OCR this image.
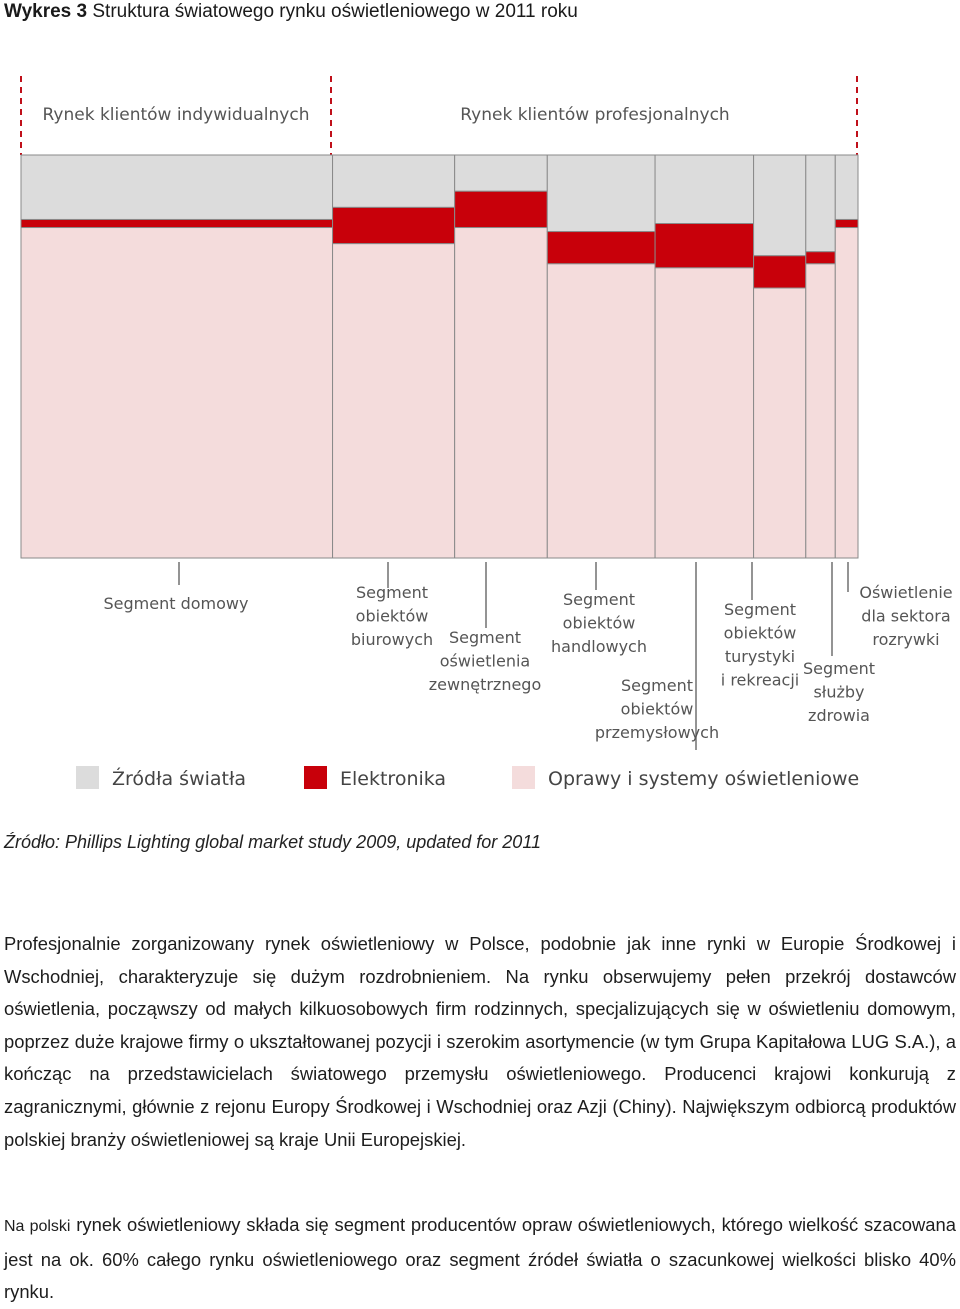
Wykres 3 Struktura światowego rynku oświetleniowego w 2011 roku
Rynek klientów indywidualnych	Rynek klientów profesjonalnych
Segment domowy
Segment obiektów biurowych Segment oświetlenia zewnętrznego
Segment obiektów handlowych
Segment obiektów przemysłowych
Segment obiektów turystyki i rekreacji
Segment służby zdrowia
Oświetlenie dla sektora rozrywki
Źródła światła	Elektronika	Oprawy i systemy oświetleniowe
Źródło: Phillips Lighting global market study 2009, updated for 2011

Profesjonalnie zorganizowany rynek oświetleniowy w Polsce, podobnie jak inne rynki w Europie Środkowej i Wschodniej, charakteryzuje się dużym rozdrobnieniem. Na rynku obserwujemy pełen przekrój dostawców oświetlenia, począwszy od małych kilkuosobowych firm rodzinnych, specjalizujących się w oświetleniu domowym, poprzez duże krajowe firmy o ukształtowanej pozycji i szerokim asortymencie (w tym Grupa Kapitałowa LUG S.A.), a kończąc na przedstawicielach światowego przemysłu oświetleniowego. Producenci krajowi konkurują z zagranicznymi, głównie z rejonu Europy Środkowej i Wschodniej oraz Azji (Chiny). Największym odbiorcą produktów polskiej branży oświetleniowej są kraje Unii Europejskiej.

Na polski rynek oświetleniowy składa się segment producentów opraw oświetleniowych, którego wielkość szacowana jest na ok. 60% całego rynku oświetleniowego oraz segment źródeł światła o szacunkowej wielkości blisko 40% rynku.
